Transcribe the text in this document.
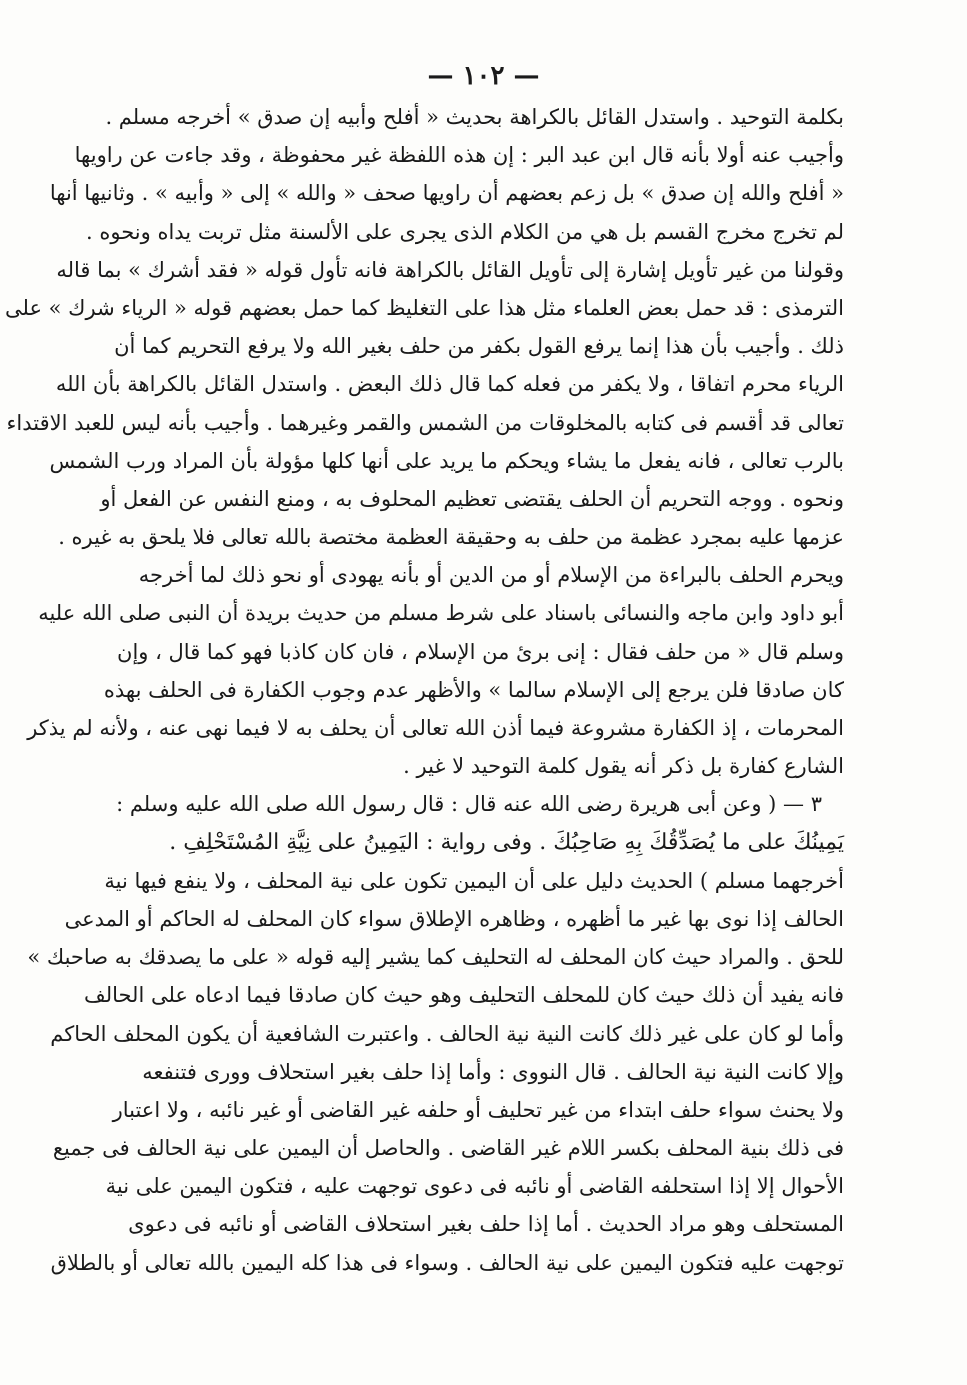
— ١٠٢ —
بكلمة التوحيد . واستدل القائل بالكراهة بحديث « أفلح وأبيه إن صدق » أخرجه مسلم .
وأجيب عنه أولا بأنه قال ابن عبد البر : إن هذه اللفظة غير محفوظة ، وقد جاءت عن راويها
« أفلح والله إن صدق » بل زعم بعضهم أن راويها صحف « والله » إلى « وأبيه » . وثانيها أنها
لم تخرج مخرج القسم بل هي من الكلام الذى يجرى على الألسنة مثل تربت يداه ونحوه .
وقولنا من غير تأويل إشارة إلى تأويل القائل بالكراهة فانه تأول قوله « فقد أشرك » بما قاله
الترمذى : قد حمل بعض العلماء مثل هذا على التغليظ كما حمل بعضهم قوله « الرياء شرك » على
ذلك . وأجيب بأن هذا إنما يرفع القول بكفر من حلف بغير الله ولا يرفع التحريم كما أن
الرياء محرم اتفاقا ، ولا يكفر من فعله كما قال ذلك البعض . واستدل القائل بالكراهة بأن الله
تعالى قد أقسم فى كتابه بالمخلوقات من الشمس والقمر وغيرهما . وأجيب بأنه ليس للعبد الاقتداء
بالرب تعالى ، فانه يفعل ما يشاء ويحكم ما يريد على أنها كلها مؤولة بأن المراد ورب الشمس
ونحوه . ووجه التحريم أن الحلف يقتضى تعظيم المحلوف به ، ومنع النفس عن الفعل أو
عزمها عليه بمجرد عظمة من حلف به وحقيقة العظمة مختصة بالله تعالى فلا يلحق به غيره .
ويحرم الحلف بالبراءة من الإسلام أو من الدين أو بأنه يهودى أو نحو ذلك لما أخرجه
أبو داود وابن ماجه والنسائى باسناد على شرط مسلم من حديث بريدة أن النبى صلى الله عليه
وسلم قال « من حلف فقال : إنى برئ من الإسلام ، فان كان كاذبا فهو كما قال ، وإن
كان صادقا فلن يرجع إلى الإسلام سالما » والأظهر عدم وجوب الكفارة فى الحلف بهذه
المحرمات ، إذ الكفارة مشروعة فيما أذن الله تعالى أن يحلف به لا فيما نهى عنه ، ولأنه لم يذكر
الشارع كفارة بل ذكر أنه يقول كلمة التوحيد لا غير .
٣ — ( وعن أبى هريرة رضى الله عنه قال : قال رسول الله صلى الله عليه وسلم :
يَمِينُكَ على ما يُصَدِّقُكَ بِهِ صَاحِبُكَ . وفى رواية : اليَمِينُ على نِيَّةِ المُسْتَحْلِفِ .
أخرجهما مسلم ) الحديث دليل على أن اليمين تكون على نية المحلف ، ولا ينفع فيها نية
الحالف إذا نوى بها غير ما أظهره ، وظاهره الإطلاق سواء كان المحلف له الحاكم أو المدعى
للحق . والمراد حيث كان المحلف له التحليف كما يشير إليه قوله « على ما يصدقك به صاحبك »
فانه يفيد أن ذلك حيث كان للمحلف التحليف وهو حيث كان صادقا فيما ادعاه على الحالف
وأما لو كان على غير ذلك كانت النية نية الحالف . واعتبرت الشافعية أن يكون المحلف الحاكم
وإلا كانت النية نية الحالف . قال النووى : وأما إذا حلف بغير استحلاف وورى فتنفعه
ولا يحنث سواء حلف ابتداء من غير تحليف أو حلفه غير القاضى أو غير نائبه ، ولا اعتبار
فى ذلك بنية المحلف بكسر اللام غير القاضى . والحاصل أن اليمين على نية الحالف فى جميع
الأحوال إلا إذا استحلفه القاضى أو نائبه فى دعوى توجهت عليه ، فتكون اليمين على نية
المستحلف وهو مراد الحديث . أما إذا حلف بغير استحلاف القاضى أو نائبه فى دعوى
توجهت عليه فتكون اليمين على نية الحالف . وسواء فى هذا كله اليمين بالله تعالى أو بالطلاق
